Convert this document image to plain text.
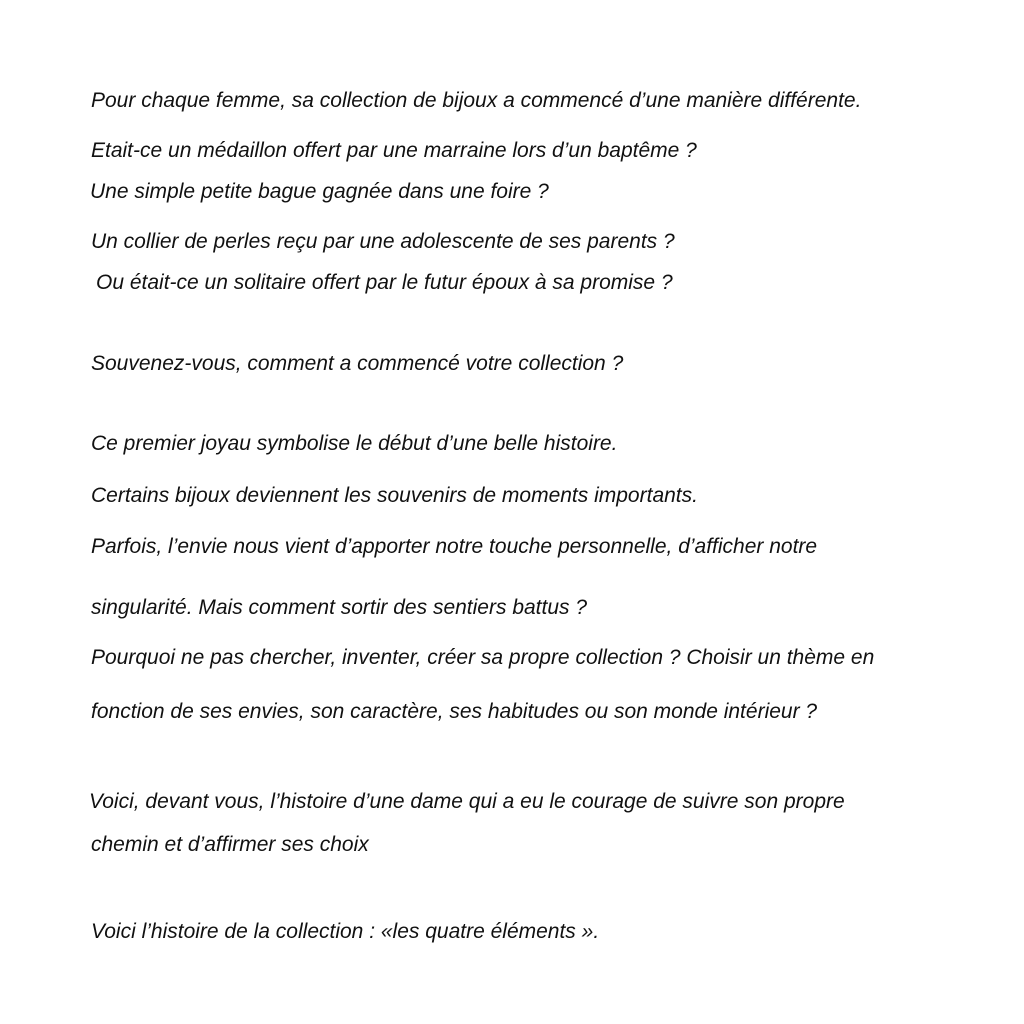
Pour chaque femme, sa collection de bijoux a commencé d’une manière différente.

Etait-ce un médaillon offert par une marraine lors d’un baptême ?

Une simple petite bague gagnée dans une foire ?

Un collier de perles reçu par une adolescente de ses parents ?

Ou était-ce un solitaire offert par le futur époux à sa promise ?

Souvenez-vous, comment a commencé votre collection ?

Ce premier joyau symbolise le début d’une belle histoire.

Certains bijoux deviennent les souvenirs de moments importants.

Parfois, l’envie nous vient d’apporter notre touche personnelle, d’afficher notre

singularité. Mais comment sortir des sentiers battus ?

Pourquoi ne pas chercher, inventer, créer sa propre collection ? Choisir un thème en

fonction de ses envies, son caractère, ses habitudes ou son monde intérieur ?

Voici, devant vous, l’histoire d’une dame qui a eu le courage de suivre son propre

chemin et d’affirmer ses choix

Voici l’histoire de la collection : «les quatre éléments ».
